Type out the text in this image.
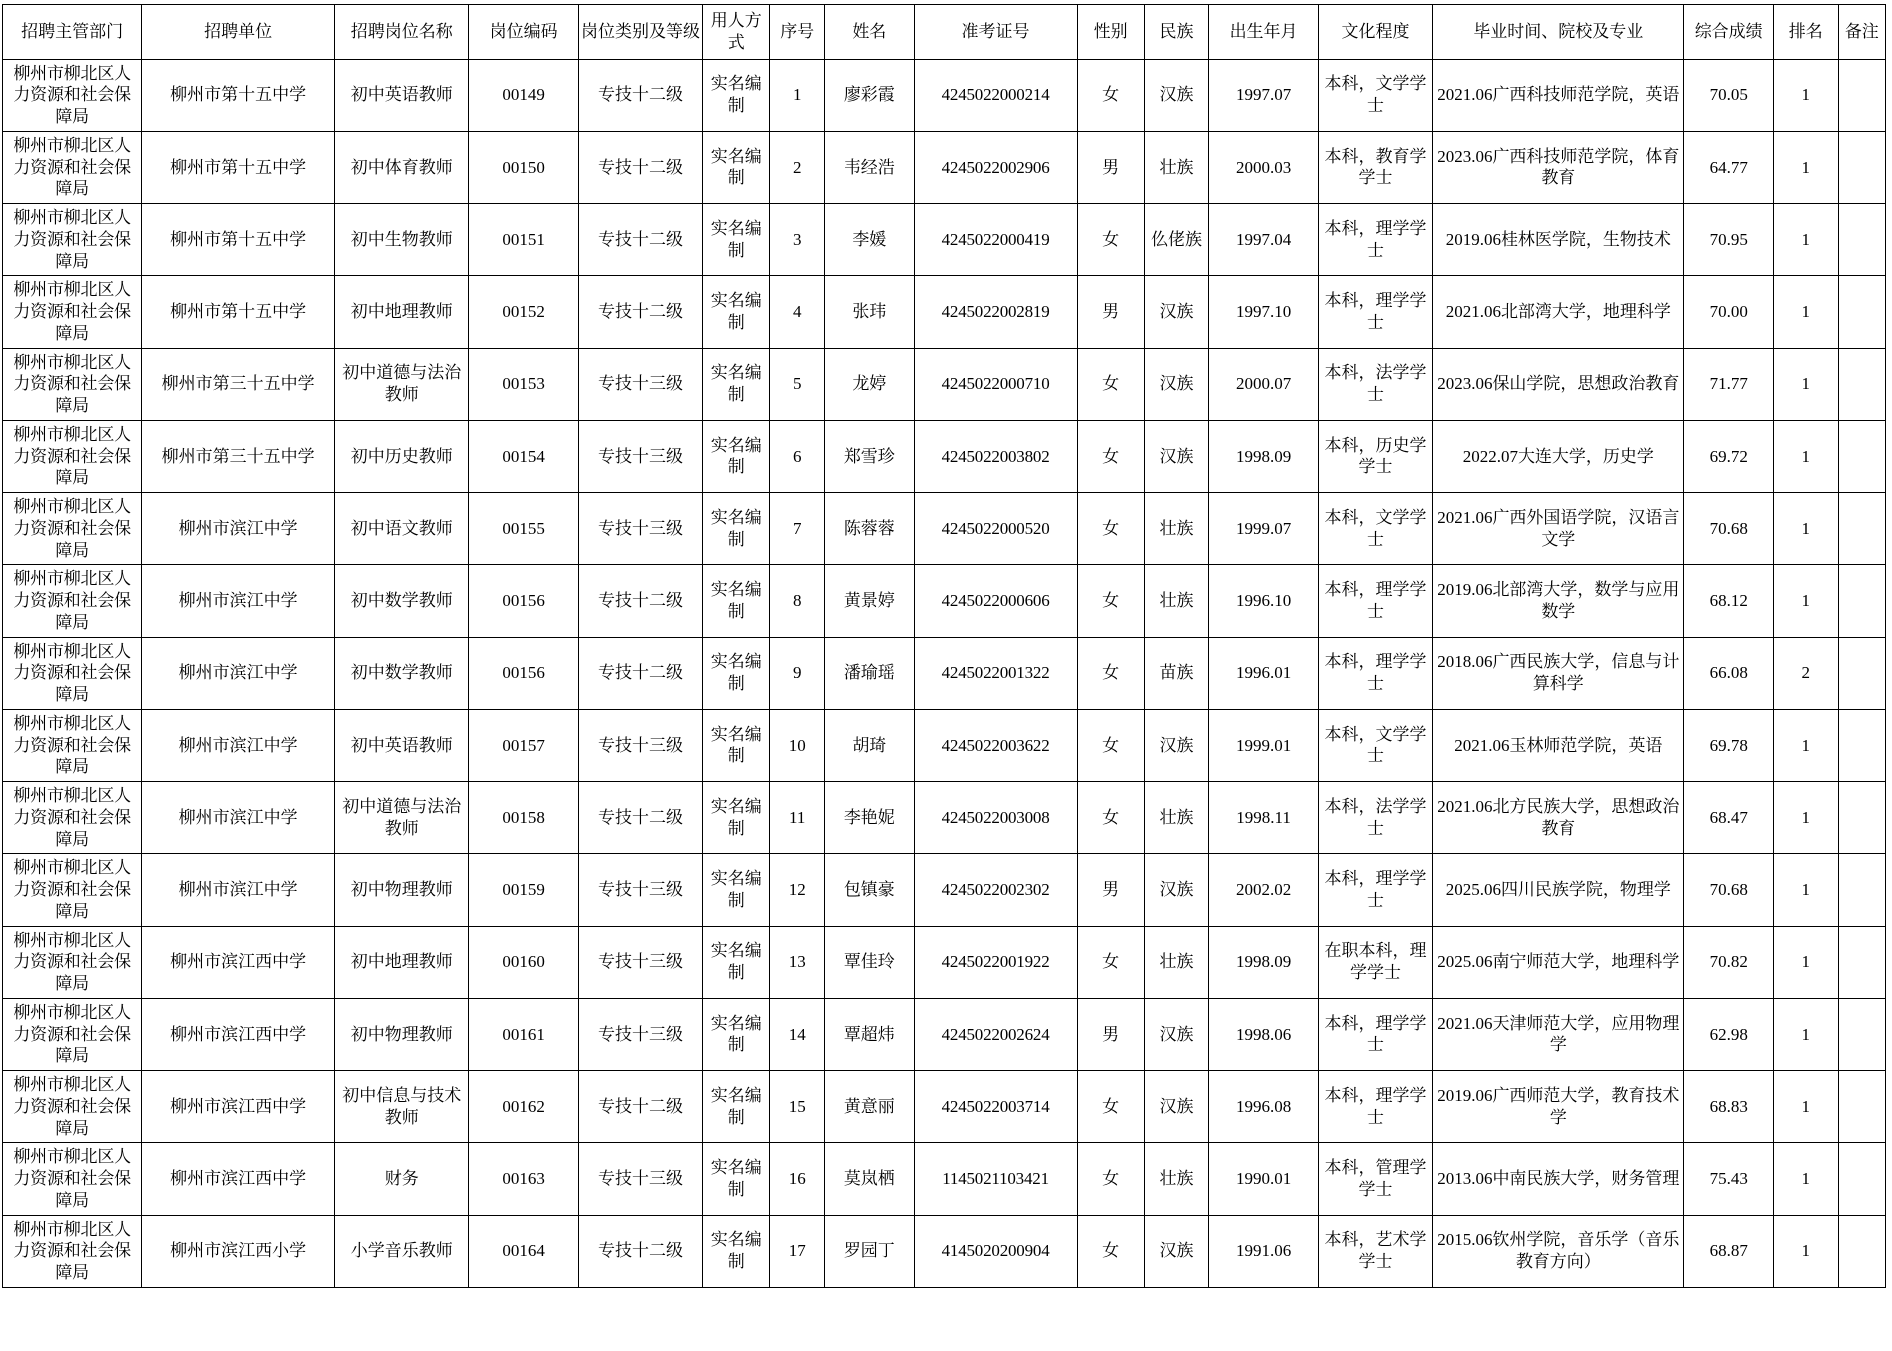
招聘主管部门	招聘单位	招聘岗位名称	岗位编码	岗位类别及等级	用人方式	序号	姓名	准考证号	性别	民族	出生年月	文化程度	毕业时间、院校及专业	综合成绩	排名	备注
柳州市柳北区人力资源和社会保障局	柳州市第十五中学	初中英语教师	00149	专技十二级	实名编制	1	廖彩霞	4245022000214	女	汉族	1997.07	本科，文学学士	2021.06广西科技师范学院，英语	70.05	1	
柳州市柳北区人力资源和社会保障局	柳州市第十五中学	初中体育教师	00150	专技十二级	实名编制	2	韦经浩	4245022002906	男	壮族	2000.03	本科，教育学学士	2023.06广西科技师范学院，体育教育	64.77	1	
柳州市柳北区人力资源和社会保障局	柳州市第十五中学	初中生物教师	00151	专技十二级	实名编制	3	李媛	4245022000419	女	仫佬族	1997.04	本科，理学学士	2019.06桂林医学院，生物技术	70.95	1	
柳州市柳北区人力资源和社会保障局	柳州市第十五中学	初中地理教师	00152	专技十二级	实名编制	4	张玮	4245022002819	男	汉族	1997.10	本科，理学学士	2021.06北部湾大学，地理科学	70.00	1	
柳州市柳北区人力资源和社会保障局	柳州市第三十五中学	初中道德与法治教师	00153	专技十三级	实名编制	5	龙婷	4245022000710	女	汉族	2000.07	本科，法学学士	2023.06保山学院，思想政治教育	71.77	1	
柳州市柳北区人力资源和社会保障局	柳州市第三十五中学	初中历史教师	00154	专技十三级	实名编制	6	郑雪珍	4245022003802	女	汉族	1998.09	本科，历史学学士	2022.07大连大学，历史学	69.72	1	
柳州市柳北区人力资源和社会保障局	柳州市滨江中学	初中语文教师	00155	专技十三级	实名编制	7	陈蓉蓉	4245022000520	女	壮族	1999.07	本科，文学学士	2021.06广西外国语学院，汉语言文学	70.68	1	
柳州市柳北区人力资源和社会保障局	柳州市滨江中学	初中数学教师	00156	专技十二级	实名编制	8	黄景婷	4245022000606	女	壮族	1996.10	本科，理学学士	2019.06北部湾大学，数学与应用数学	68.12	1	
柳州市柳北区人力资源和社会保障局	柳州市滨江中学	初中数学教师	00156	专技十二级	实名编制	9	潘瑜瑶	4245022001322	女	苗族	1996.01	本科，理学学士	2018.06广西民族大学，信息与计算科学	66.08	2	
柳州市柳北区人力资源和社会保障局	柳州市滨江中学	初中英语教师	00157	专技十三级	实名编制	10	胡琦	4245022003622	女	汉族	1999.01	本科，文学学士	2021.06玉林师范学院，英语	69.78	1	
柳州市柳北区人力资源和社会保障局	柳州市滨江中学	初中道德与法治教师	00158	专技十二级	实名编制	11	李艳妮	4245022003008	女	壮族	1998.11	本科，法学学士	2021.06北方民族大学，思想政治教育	68.47	1	
柳州市柳北区人力资源和社会保障局	柳州市滨江中学	初中物理教师	00159	专技十三级	实名编制	12	包镇豪	4245022002302	男	汉族	2002.02	本科，理学学士	2025.06四川民族学院，物理学	70.68	1	
柳州市柳北区人力资源和社会保障局	柳州市滨江西中学	初中地理教师	00160	专技十三级	实名编制	13	覃佳玲	4245022001922	女	壮族	1998.09	在职本科，理学学士	2025.06南宁师范大学，地理科学	70.82	1	
柳州市柳北区人力资源和社会保障局	柳州市滨江西中学	初中物理教师	00161	专技十三级	实名编制	14	覃超炜	4245022002624	男	汉族	1998.06	本科，理学学士	2021.06天津师范大学，应用物理学	62.98	1	
柳州市柳北区人力资源和社会保障局	柳州市滨江西中学	初中信息与技术教师	00162	专技十二级	实名编制	15	黄意丽	4245022003714	女	汉族	1996.08	本科，理学学士	2019.06广西师范大学，教育技术学	68.83	1	
柳州市柳北区人力资源和社会保障局	柳州市滨江西中学	财务	00163	专技十三级	实名编制	16	莫岚栖	1145021103421	女	壮族	1990.01	本科，管理学学士	2013.06中南民族大学，财务管理	75.43	1	
柳州市柳北区人力资源和社会保障局	柳州市滨江西小学	小学音乐教师	00164	专技十二级	实名编制	17	罗园丁	4145020200904	女	汉族	1991.06	本科，艺术学学士	2015.06钦州学院，音乐学（音乐教育方向）	68.87	1	
